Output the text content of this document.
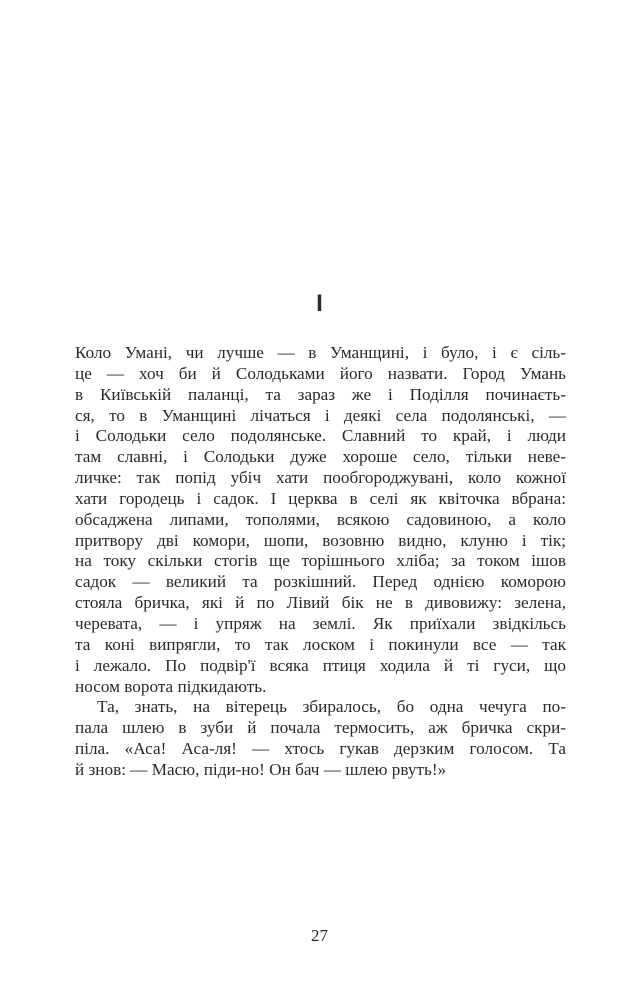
І
Коло Умані, чи лучше — в Уманщині, і було, і є сіль-
це — хоч би й Солодьками його назвати. Город Умань
в Київській паланці, та зараз же і Поділля починаєть-
ся, то в Уманщині лічаться і деякі села подолянські, —
і Солодьки село подолянське. Славний то край, і люди
там славні, і Солодьки дуже хороше село, тільки неве-
личке: так попід убіч хати пообгороджувані, коло кожної
хати городець і садок. І церква в селі як квіточка вбрана:
обсаджена липами, тополями, всякою садовиною, а коло
притвору дві комори, шопи, возовню видно, клуню і тік;
на току скільки стогів ще торішнього хліба; за током ішов
садок — великий та розкішний. Перед однією коморою
стояла бричка, які й по Лівий бік не в дивовижу: зелена,
черевата, — і упряж на землі. Як приїхали звідкільсь
та коні випрягли, то так лоском і покинули все — так
і лежало. По подвір'ї всяка птиця ходила й ті гуси, що
носом ворота підкидають.
Та, знать, на вітерець збиралось, бо одна чечуга по-
пала шлею в зуби й почала термосить, аж бричка скри-
піла. «Аса! Аса-ля! — хтось гукав дерзким голосом. Та
й знов: — Масю, піди-но! Он бач — шлею рвуть!»
27
